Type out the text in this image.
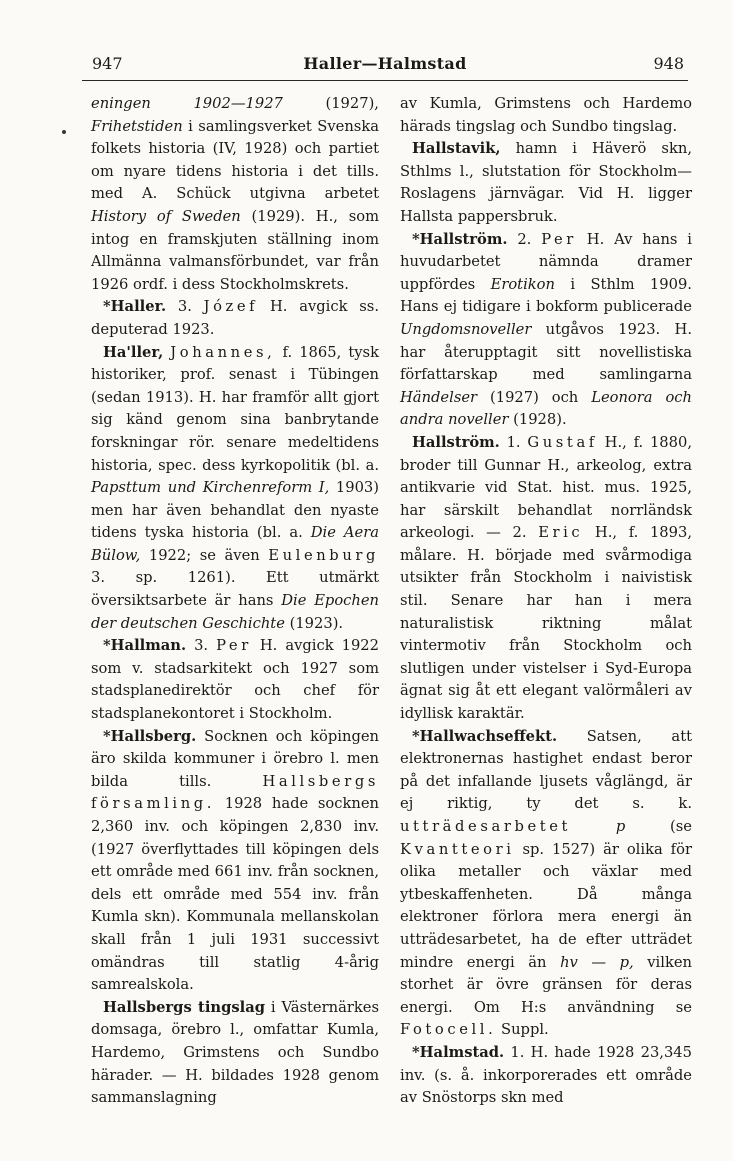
947	Haller—Halmstad	948

eningen 1902—1927 (1927), Frihetstiden i samlingsverket Svenska folkets historia (IV, 1928) och partiet om nyare tidens historia i det tills. med A. Schück utgivna arbetet History of Sweden (1929). H., som intog en framskjuten ställning inom Allmänna valmansförbundet, var från 1926 ordf. i dess Stockholmskrets.

*Haller. 3. Józef H. avgick ss. deputerad 1923.

Ha'ller, Johannes, f. 1865, tysk historiker, prof. senast i Tübingen (sedan 1913). H. har framför allt gjort sig känd genom sina banbrytande forskningar rör. senare medeltidens historia, spec. dess kyrkopolitik (bl. a. Papsttum und Kirchenreform I, 1903) men har även behandlat den nyaste tidens tyska historia (bl. a. Die Aera Bülow, 1922; se även Eulenburg 3. sp. 1261). Ett utmärkt översiktsarbete är hans Die Epochen der deutschen Geschichte (1923).

*Hallman. 3. Per H. avgick 1922 som v. stadsarkitekt och 1927 som stadsplanedirektör och chef för stadsplanekontoret i Stockholm.

*Hallsberg. Socknen och köpingen äro skilda kommuner i örebro l. men bilda tills. Hallsbergs församling. 1928 hade socknen 2,360 inv. och köpingen 2,830 inv. (1927 överflyttades till köpingen dels ett område med 661 inv. från socknen, dels ett område med 554 inv. från Kumla skn). Kommunala mellanskolan skall från 1 juli 1931 successivt omändras till statlig 4-årig samrealskola.

Hallsbergs tingslag i Västernärkes domsaga, örebro l., omfattar Kumla, Hardemo, Grimstens och Sundbo härader. — H. bildades 1928 genom sammanslagning

av Kumla, Grimstens och Hardemo härads tingslag och Sundbo tingslag.

Hallstavik, hamn i Häverö skn, Sthlms l., slutstation för Stockholm—Roslagens järnvägar. Vid H. ligger Hallsta pappersbruk.

*Hallström. 2. Per H. Av hans i huvudarbetet nämnda dramer uppfördes Erotikon i Sthlm 1909. Hans ej tidigare i bokform publicerade Ungdomsnoveller utgåvos 1923. H. har återupptagit sitt novellistiska författarskap med samlingarna Händelser (1927) och Leonora och andra noveller (1928).

Hallström. 1. Gustaf H., f. 1880, broder till Gunnar H., arkeolog, extra antikvarie vid Stat. hist. mus. 1925, har särskilt behandlat norrländsk arkeologi. — 2. Eric H., f. 1893, målare. H. började med svårmodiga utsikter från Stockholm i naivistisk stil. Senare har han i mera naturalistisk riktning målat vintermotiv från Stockholm och slutligen under vistelser i Syd-Europa ägnat sig åt ett elegant valörmåleri av idyllisk karaktär.

*Hallwachseffekt. Satsen, att elektronernas hastighet endast beror på det infallande ljusets våglängd, är ej riktig, ty det s. k. utträdesarbetet	p (se Kvantteori sp. 1527) är olika för olika metaller och växlar med ytbeskaffenheten. Då många elektroner förlora mera energi än utträdesarbetet, ha de efter utträdet mindre energi än hv — p, vilken storhet är övre gränsen för deras energi. Om H:s användning se Fotocell. Suppl.

*Halmstad. 1. H. hade 1928 23,345 inv. (s. å. inkorporerades ett område av Snöstorps skn med
